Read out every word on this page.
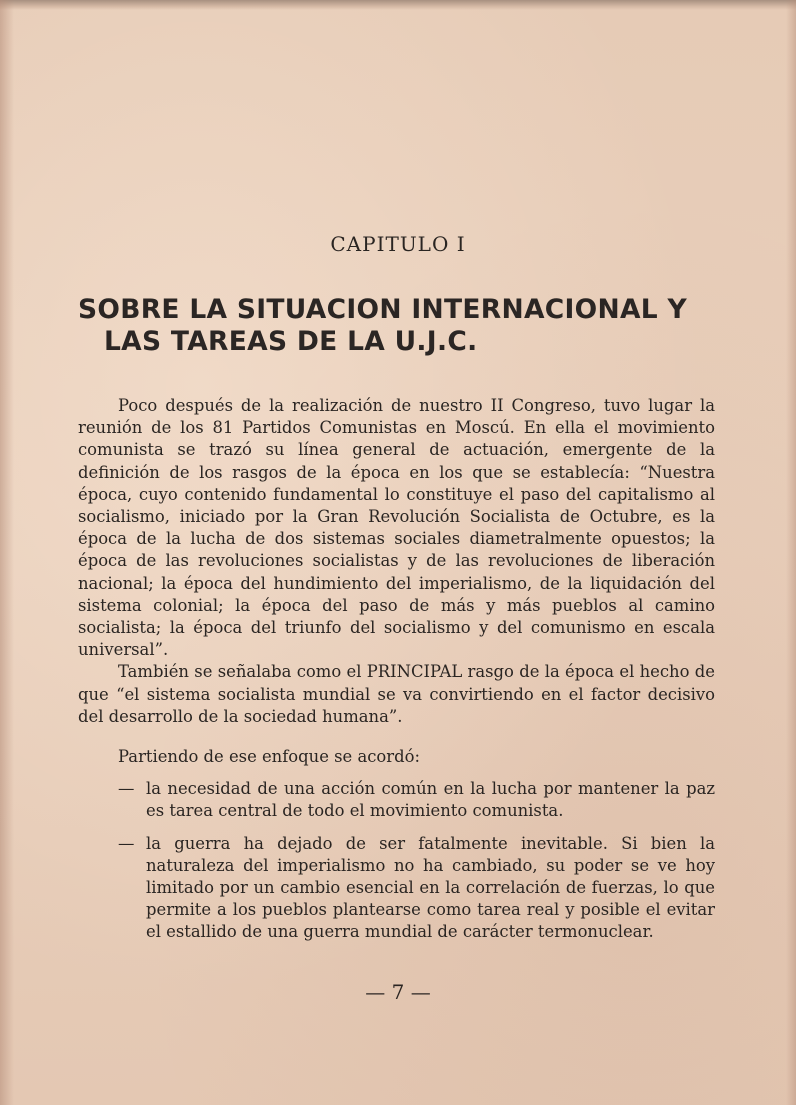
CAPITULO I
SOBRE LA SITUACION INTERNACIONAL Y
LAS TAREAS DE LA U.J.C.

Poco después de la realización de nuestro II Congreso, tuvo lugar la reunión de los 81 Partidos Comunistas en Moscú. En ella el movimiento comunista se trazó su línea general de actuación, emergente de la definición de los rasgos de la época en los que se establecía: “Nuestra época, cuyo contenido fundamental lo constituye el paso del capitalismo al socialismo, iniciado por la Gran Revolución Socialista de Octubre, es la época de la lucha de dos sistemas sociales diametralmente opuestos; la época de las revoluciones socialistas y de las revoluciones de liberación nacional; la época del hundimiento del imperialismo, de la liquidación del sistema colonial; la época del paso de más y más pueblos al camino socialista; la época del triunfo del socialismo y del comunismo en escala universal”.

También se señalaba como el PRINCIPAL rasgo de la época el hecho de que “el sistema socialista mundial se va convirtiendo en el factor decisivo del desarrollo de la sociedad humana”.

Partiendo de ese enfoque se acordó:
— la necesidad de una acción común en la lucha por mantener la paz es tarea central de todo el movimiento comunista.
— la guerra ha dejado de ser fatalmente inevitable. Si bien la naturaleza del imperialismo no ha cambiado, su poder se ve hoy limitado por un cambio esencial en la correlación de fuerzas, lo que permite a los pueblos plantearse como tarea real y posible el evitar el estallido de una guerra mundial de carácter termonuclear.
— 7 —
